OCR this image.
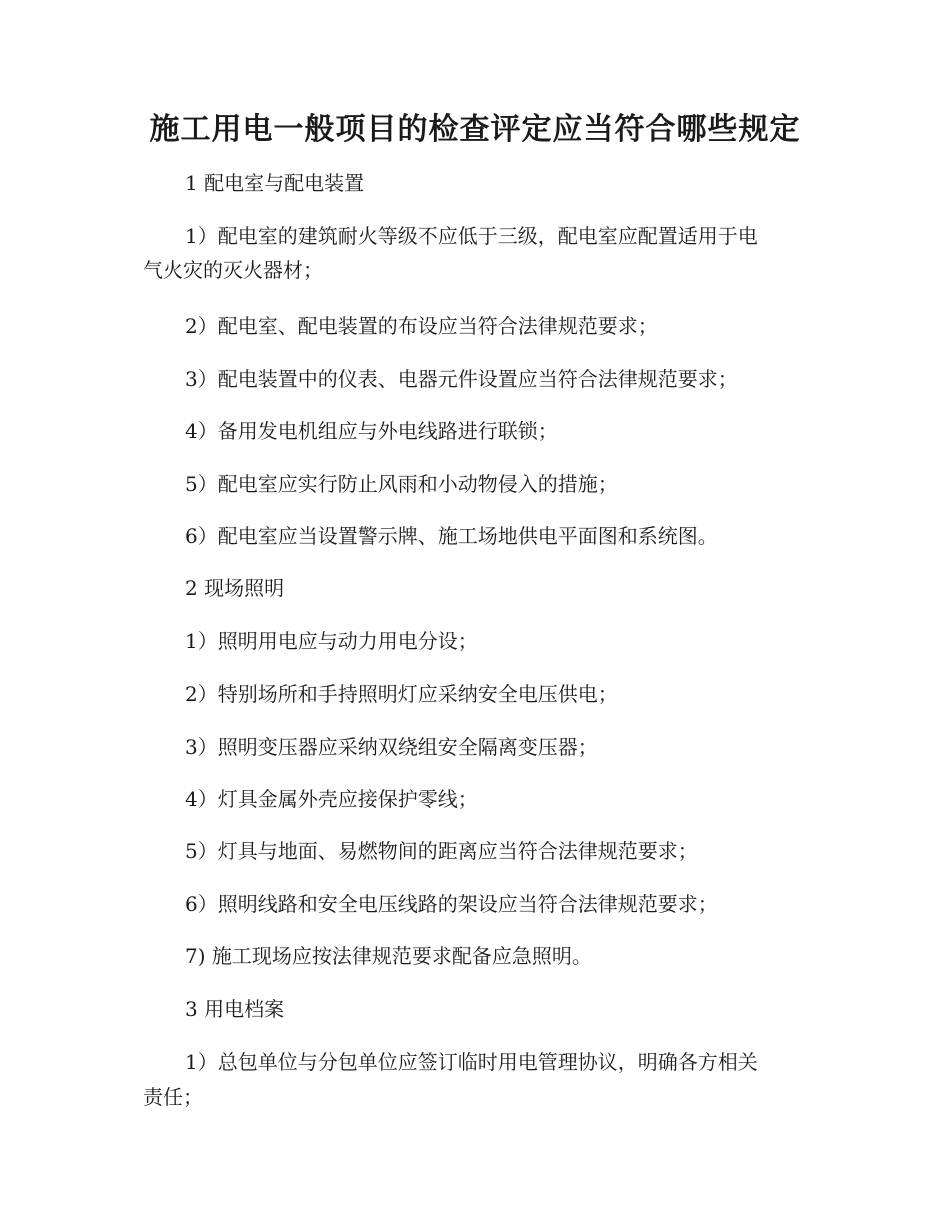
施工用电一般项目的检查评定应当符合哪些规定
1 配电室与配电装置
1）配电室的建筑耐火等级不应低于三级，配电室应配置适用于电
气火灾的灭火器材；
2）配电室、配电装置的布设应当符合法律规范要求；
3）配电装置中的仪表、电器元件设置应当符合法律规范要求；
4）备用发电机组应与外电线路进行联锁；
5）配电室应实行防止风雨和小动物侵入的措施；
6）配电室应当设置警示牌、施工场地供电平面图和系统图。
2 现场照明
1）照明用电应与动力用电分设；
2）特别场所和手持照明灯应采纳安全电压供电；
3）照明变压器应采纳双绕组安全隔离变压器；
4）灯具金属外壳应接保护零线；
5）灯具与地面、易燃物间的距离应当符合法律规范要求；
6）照明线路和安全电压线路的架设应当符合法律规范要求；
7) 施工现场应按法律规范要求配备应急照明。
3 用电档案
1）总包单位与分包单位应签订临时用电管理协议，明确各方相关
责任；
